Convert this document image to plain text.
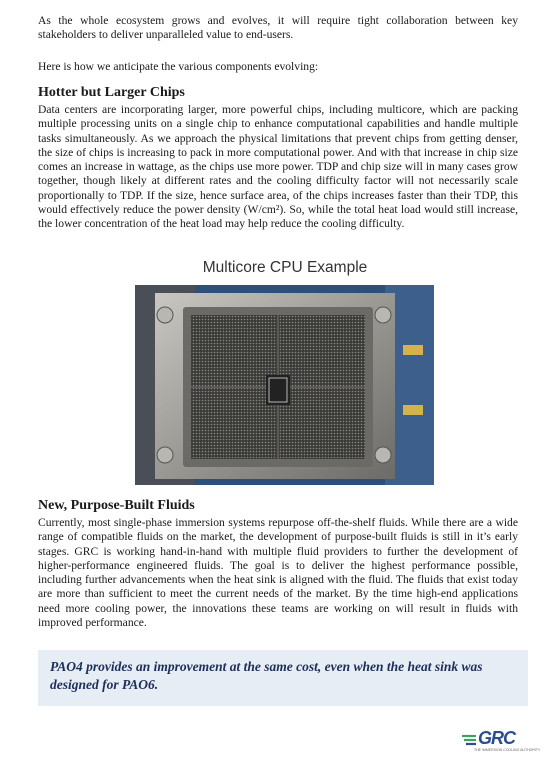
As the whole ecosystem grows and evolves, it will require tight collaboration between key stakeholders to deliver unparalleled value to end-users.

Here is how we anticipate the various components evolving:

Hotter but Larger Chips

Data centers are incorporating larger, more powerful chips, including multicore, which are packing multiple processing units on a single chip to enhance computational capabilities and handle multiple tasks simultaneously. As we approach the physical limitations that prevent chips from getting denser, the size of chips is increasing to pack in more computational power. And with that increase in chip size comes an increase in wattage, as the chips use more power. TDP and chip size will in many cases grow together, though likely at different rates and the cooling difficulty factor will not necessarily scale proportionally to TDP. If the size, hence surface area, of the chips increases faster than their TDP, this would effectively reduce the power density (W/cm²). So, while the total heat load would still increase, the lower concentration of the heat load may help reduce the cooling difficulty.

Multicore CPU Example
New, Purpose-Built Fluids

Currently, most single-phase immersion systems repurpose off-the-shelf fluids. While there are a wide range of compatible fluids on the market, the development of purpose-built fluids is still in it’s early stages. GRC is working hand-in-hand with multiple fluid providers to further the development of higher-performance engineered fluids. The goal is to deliver the highest performance possible, including further advancements when the heat sink is aligned with the fluid. The fluids that exist today are more than sufficient to meet the current needs of the market. By the time high-end applications need more cooling power, the innovations these teams are working on will result in fluids with improved performance.

PAO4 provides an improvement at the same cost, even when the heat sink was designed for PAO6.

GRC
THE IMMERSION COOLING AUTHORITY
